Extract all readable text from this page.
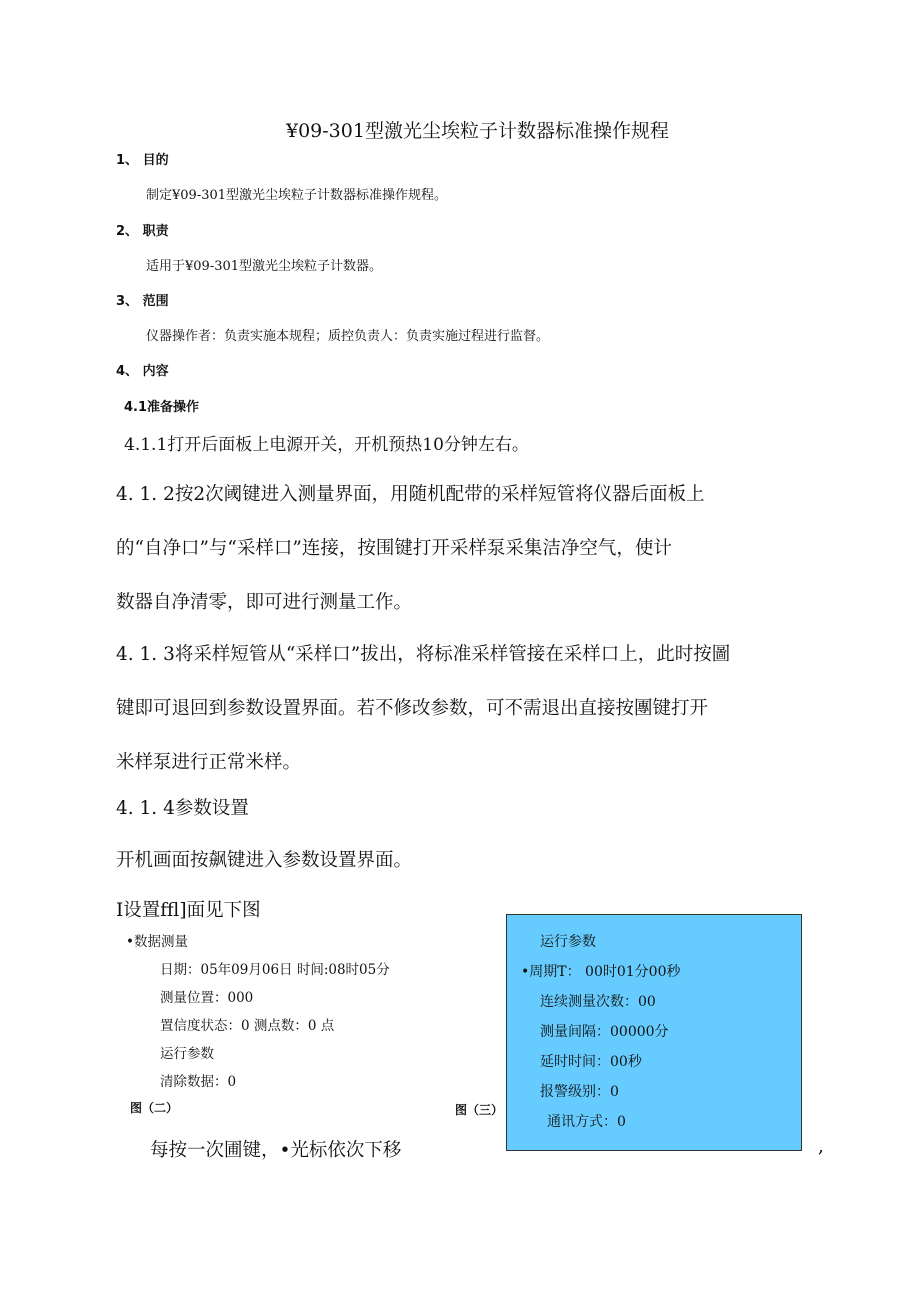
¥09-301型激光尘埃粒子计数器标准操作规程
1、 目的
制定¥09-301型激光尘埃粒子计数器标准操作规程。
2、 职责
适用于¥09-301型激光尘埃粒子计数器。
3、 范围
仪器操作者：负责实施本规程；质控负责人：负责实施过程进行监督。
4、 内容
4.1准备操作
4.1.1打开后面板上电源开关，开机预热10分钟左右。
4. 1. 2按2次阈键进入测量界面，用随机配带的采样短管将仪器后面板上
的“自净口”与“采样口”连接，按围键打开采样泵采集洁净空气，使计
数器自净清零，即可进行测量工作。
4. 1. 3将采样短管从“采样口”拔出，将标准采样管接在采样口上，此时按圖
键即可退回到参数设置界面。若不修改参数，可不需退出直接按團键打开
米样泵进行正常米样。
4. 1. 4参数设置
开机画面按飙键进入参数设置界面。
I设置ffl]面见下图
•数据测量
日期：05年09月06日 时间:08时05分
测量位置：000
置信度状态：0 测点数：0 点
运行参数
清除数据：0
图（二）	图（三）
运行参数
•周期T： 00时01分00秒
连续测量次数：00
测量间隔：00000分
延时时间：00秒
报警级别：0
通讯方式：0
每按一次圃键，•光标依次下移	,
